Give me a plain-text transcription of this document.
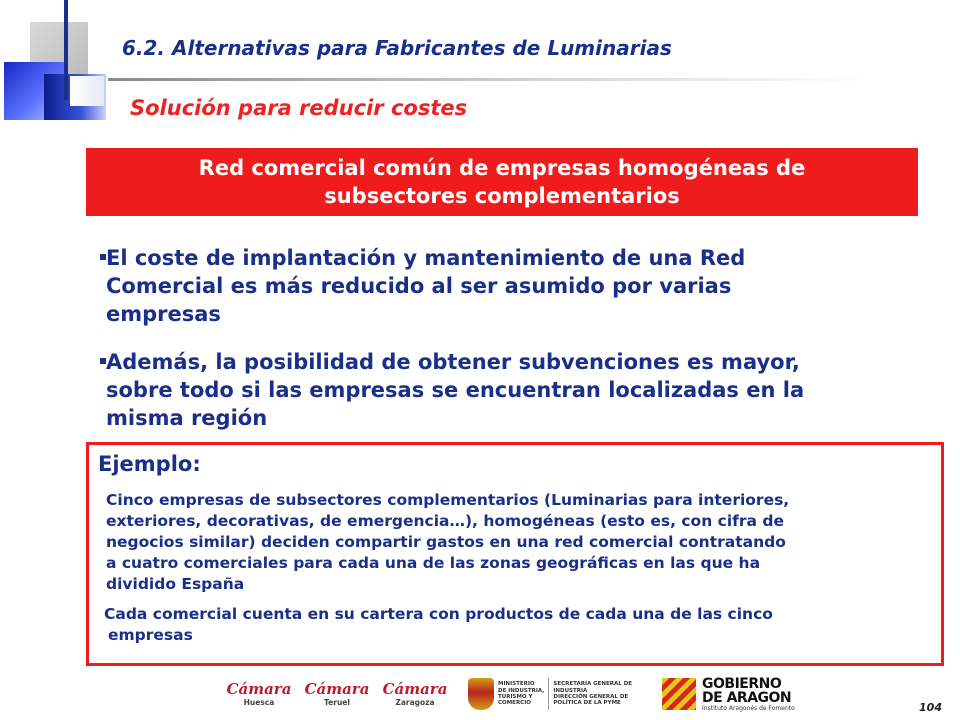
6.2. Alternativas para Fabricantes de Luminarias
Solución para reducir costes
Red comercial común de empresas homogéneas de
subsectores complementarios
El coste de implantación y mantenimiento de una Red
Comercial es más reducido al ser asumido por varias
empresas
Además, la posibilidad de obtener subvenciones es mayor,
sobre todo si las empresas se encuentran localizadas en la
misma región
Ejemplo:
Cinco empresas de subsectores complementarios (Luminarias para interiores,
exteriores, decorativas, de emergencia…), homogéneas (esto es, con cifra de
negocios similar) deciden compartir gastos en una red comercial contratando
a cuatro comerciales para cada una de las zonas geográficas en las que ha
dividido España
Cada comercial cuenta en su cartera con productos de cada una de las cinco
empresas
Cámara
Huesca
Cámara
Teruel
Cámara
Zaragoza
MINISTERIO
DE INDUSTRIA,
TURISMO Y
COMERCIO
SECRETARÍA GENERAL DE
INDUSTRIA
DIRECCIÓN GENERAL DE
POLÍTICA DE LA PYME
GOBIERNO
DE ARAGON
Instituto Aragonés de Fomento	104
